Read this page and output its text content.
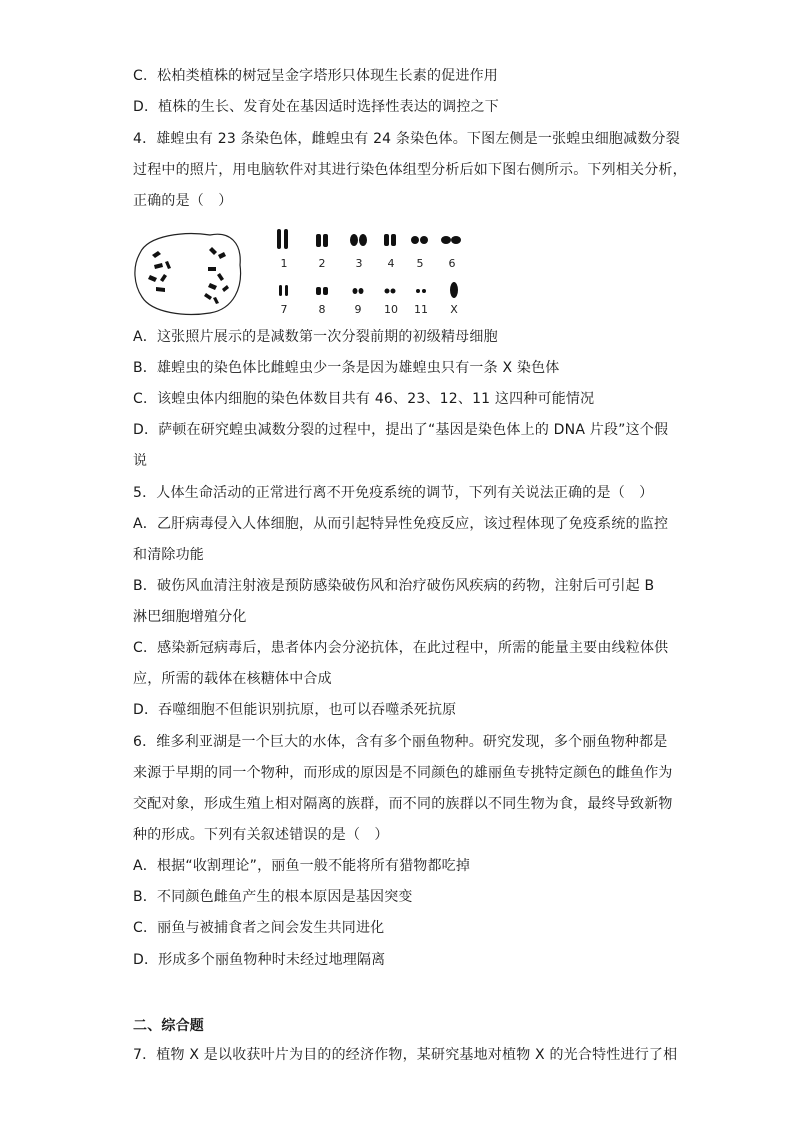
C．松柏类植株的树冠呈金字塔形只体现生长素的促进作用
D．植株的生长、发育处在基因适时选择性表达的调控之下
4．雄蝗虫有 23 条染色体，雌蝗虫有 24 条染色体。下图左侧是一张蝗虫细胞减数分裂
过程中的照片，用电脑软件对其进行染色体组型分析后如下图右侧所示。下列相关分析，
正确的是（　）
1	2	3 4 5 6
7	8	9 10 11 X
A．这张照片展示的是减数第一次分裂前期的初级精母细胞
B．雄蝗虫的染色体比雌蝗虫少一条是因为雄蝗虫只有一条 X 染色体
C．该蝗虫体内细胞的染色体数目共有 46、23、12、11 这四种可能情况
D．萨顿在研究蝗虫减数分裂的过程中，提出了“基因是染色体上的 DNA 片段”这个假
说
5．人体生命活动的正常进行离不开免疫系统的调节，下列有关说法正确的是（　）
A．乙肝病毒侵入人体细胞，从而引起特异性免疫反应，该过程体现了免疫系统的监控
和清除功能
B．破伤风血清注射液是预防感染破伤风和治疗破伤风疾病的药物，注射后可引起 B
淋巴细胞增殖分化
C．感染新冠病毒后，患者体内会分泌抗体，在此过程中，所需的能量主要由线粒体供
应，所需的载体在核糖体中合成
D．吞噬细胞不但能识别抗原，也可以吞噬杀死抗原
6．维多利亚湖是一个巨大的水体，含有多个丽鱼物种。研究发现，多个丽鱼物种都是
来源于早期的同一个物种，而形成的原因是不同颜色的雄丽鱼专挑特定颜色的雌鱼作为
交配对象，形成生殖上相对隔离的族群，而不同的族群以不同生物为食，最终导致新物
种的形成。下列有关叙述错误的是（　）
A．根据“收割理论”，丽鱼一般不能将所有猎物都吃掉
B．不同颜色雌鱼产生的根本原因是基因突变
C．丽鱼与被捕食者之间会发生共同进化
D．形成多个丽鱼物种时未经过地理隔离
二、综合题
7．植物 X 是以收获叶片为目的的经济作物，某研究基地对植物 X 的光合特性进行了相
